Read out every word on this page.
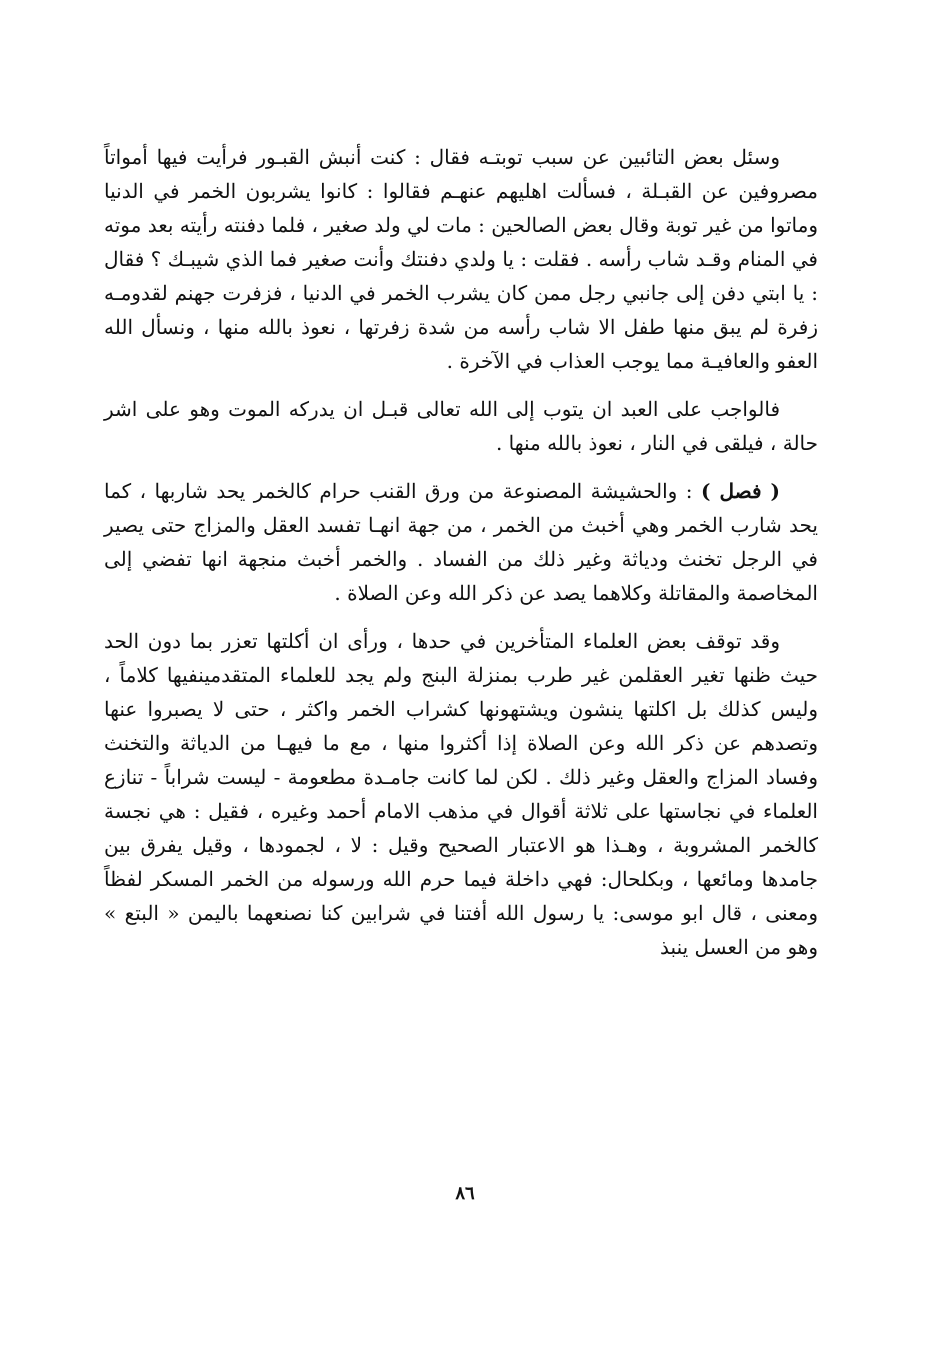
وسئل بعض التائبين عن سبب توبتـه فقال : كنت أنبش القبـور فرأيت فيها أمواتاً مصروفين عن القبـلة ، فسألت اهليهم عنهـم فقالوا : كانوا يشربون الخمر في الدنيا وماتوا من غير توبة وقال بعض الصالحين : مات لي ولد صغير ، فلما دفنته رأيته بعد موته في المنام وقـد شاب رأسه . فقلت : يا ولدي دفنتك وأنت صغير فما الذي شيبـك ؟ فقال : يا ابتي دفن إلى جانبي رجل ممن كان يشرب الخمر في الدنيا ، فزفرت جهنم لقدومـه زفرة لم يبق منها طفل الا شاب رأسه من شدة زفرتها ، نعوذ بالله منها ، ونسأل الله العفو والعافيـة مما يوجب العذاب في الآخرة .

فالواجب على العبد ان يتوب إلى الله تعالى قبـل ان يدركه الموت وهو على اشر حالة ، فيلقى في النار ، نعوذ بالله منها .

( فصل ) : والحشيشة المصنوعة من ورق القنب حرام كالخمر يحد شاربها ، كما يحد شارب الخمر وهي أخبث من الخمر ، من جهة انهـا تفسد العقل والمزاج حتى يصير في الرجل تخنث ودياثة وغير ذلك من الفساد . والخمر أخبث منجهة انها تفضي إلى المخاصمة والمقاتلة وكلاهما يصد عن ذكر الله وعن الصلاة .

وقد توقف بعض العلماء المتأخرين في حدها ، ورأى ان أكلتها تعزر بما دون الحد حيث ظنها تغير العقلمن غير طرب بمنزلة البنج ولم يجد للعلماء المتقدمينفيها كلاماً ، وليس كذلك بل اكلتها ينشون ويشتهونها كشراب الخمر واكثر ، حتى لا يصبروا عنها وتصدهم عن ذكر الله وعن الصلاة إذا أكثروا منها ، مع ما فيهـا من الدياثة والتخنث وفساد المزاج والعقل وغير ذلك . لكن لما كانت جامـدة مطعومة - ليست شراباً - تنازع العلماء في نجاستها على ثلاثة أقوال في مذهب الامام أحمد وغيره ، فقيل : هي نجسة كالخمر المشروبة ، وهـذا هو الاعتبار الصحيح وقيل : لا ، لجمودها ، وقيل يفرق بين جامدها ومائعها ، وبكلحال: فهي داخلة فيما حرم الله ورسوله من الخمر المسكر لفظاً ومعنى ، قال ابو موسى: يا رسول الله أفتنا في شرابين كنا نصنعهما باليمن « البتع » وهو من العسل ينبذ

٨٦
